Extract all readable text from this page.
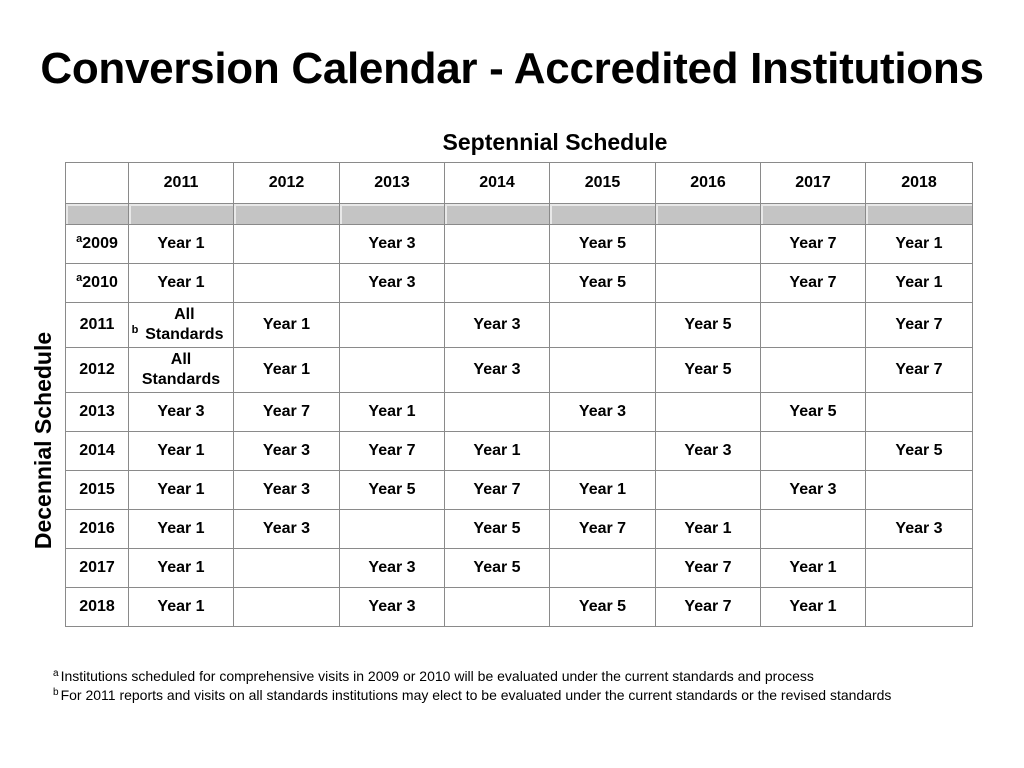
Conversion Calendar - Accredited Institutions
Septennial Schedule
Decennial Schedule
	2011	2012	2013	2014	2015	2016	2017	2018

$^a$2009	Year 1		Year 3		Year 5		Year 7	Year 1
$^a$2010	Year 1		Year 3		Year 5		Year 7	Year 1
2011	$^b$All Standards	Year 1		Year 3		Year 5		Year 7
2012	All Standards	Year 1		Year 3		Year 5		Year 7
2013	Year 3	Year 7	Year 1		Year 3		Year 5	
2014	Year 1	Year 3	Year 7	Year 1		Year 3		Year 5
2015	Year 1	Year 3	Year 5	Year 7	Year 1		Year 3	
2016	Year 1	Year 3		Year 5	Year 7	Year 1		Year 3
2017	Year 1		Year 3	Year 5		Year 7	Year 1	
2018	Year 1		Year 3		Year 5	Year 7	Year 1	
$^a$ Institutions scheduled for comprehensive visits in 2009 or 2010 will be evaluated under the current standards and process
$^b$ For 2011 reports and visits on all standards institutions may elect to be evaluated under the current standards or the revised standards
